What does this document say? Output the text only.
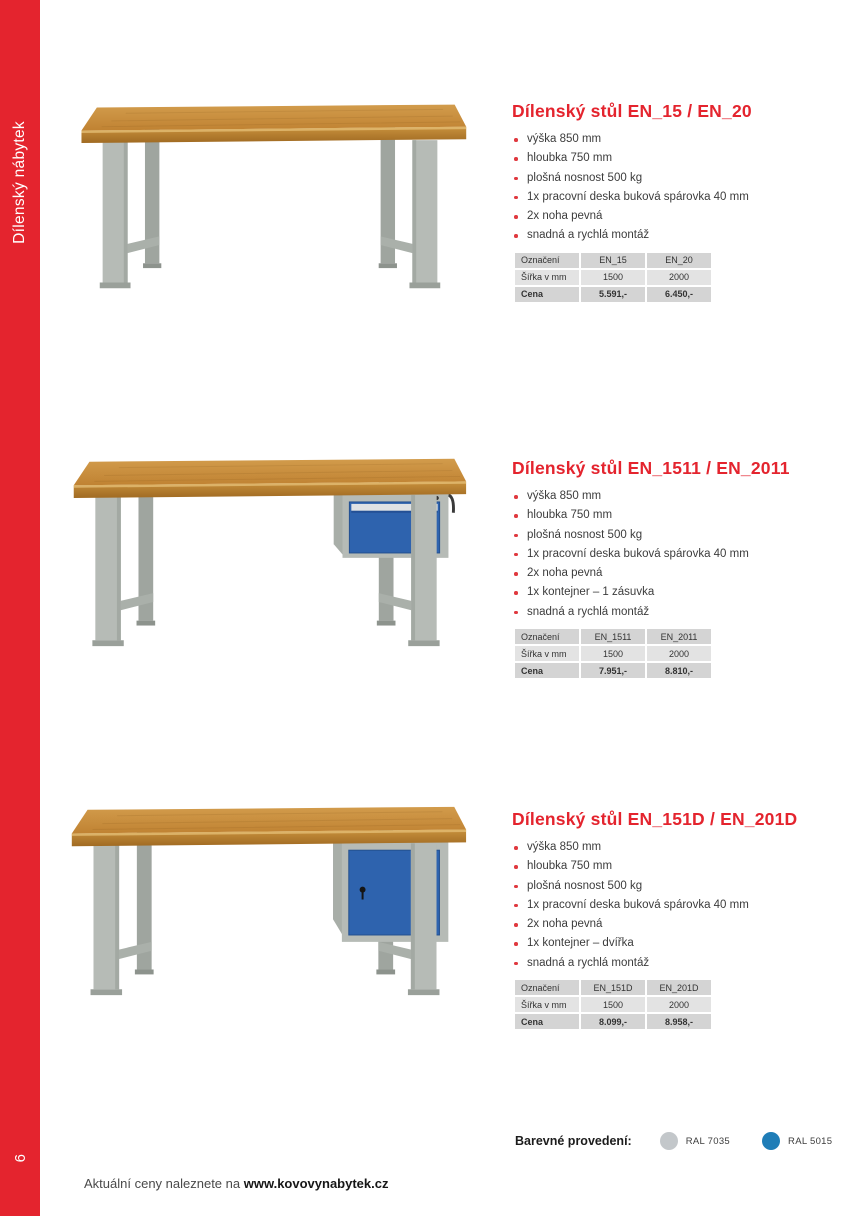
Dílenský nábytek
6
Dílenský stůl EN_15 / EN_20
výška 850 mm
hloubka 750 mm
plošná nosnost 500 kg
1x pracovní deska buková spárovka 40 mm
2x noha pevná
snadná a rychlá montáž
Označení	EN_15	EN_20
Šířka v mm	1500	2000
Cena	5.591,-	6.450,-
Dílenský stůl EN_1511 / EN_2011
výška 850 mm
hloubka 750 mm
plošná nosnost 500 kg
1x pracovní deska buková spárovka 40 mm
2x noha pevná
1x kontejner – 1 zásuvka
snadná a rychlá montáž
Označení	EN_1511	EN_2011
Šířka v mm	1500	2000
Cena	7.951,-	8.810,-
Dílenský stůl EN_151D / EN_201D
výška 850 mm
hloubka 750 mm
plošná nosnost 500 kg
1x pracovní deska buková spárovka 40 mm
2x noha pevná
1x kontejner – dvířka
snadná a rychlá montáž
Označení	EN_151D	EN_201D
Šířka v mm	1500	2000
Cena	8.099,-	8.958,-
Barevné provedení:	RAL 7035	RAL 5015
Aktuální ceny naleznete na www.kovovynabytek.cz
